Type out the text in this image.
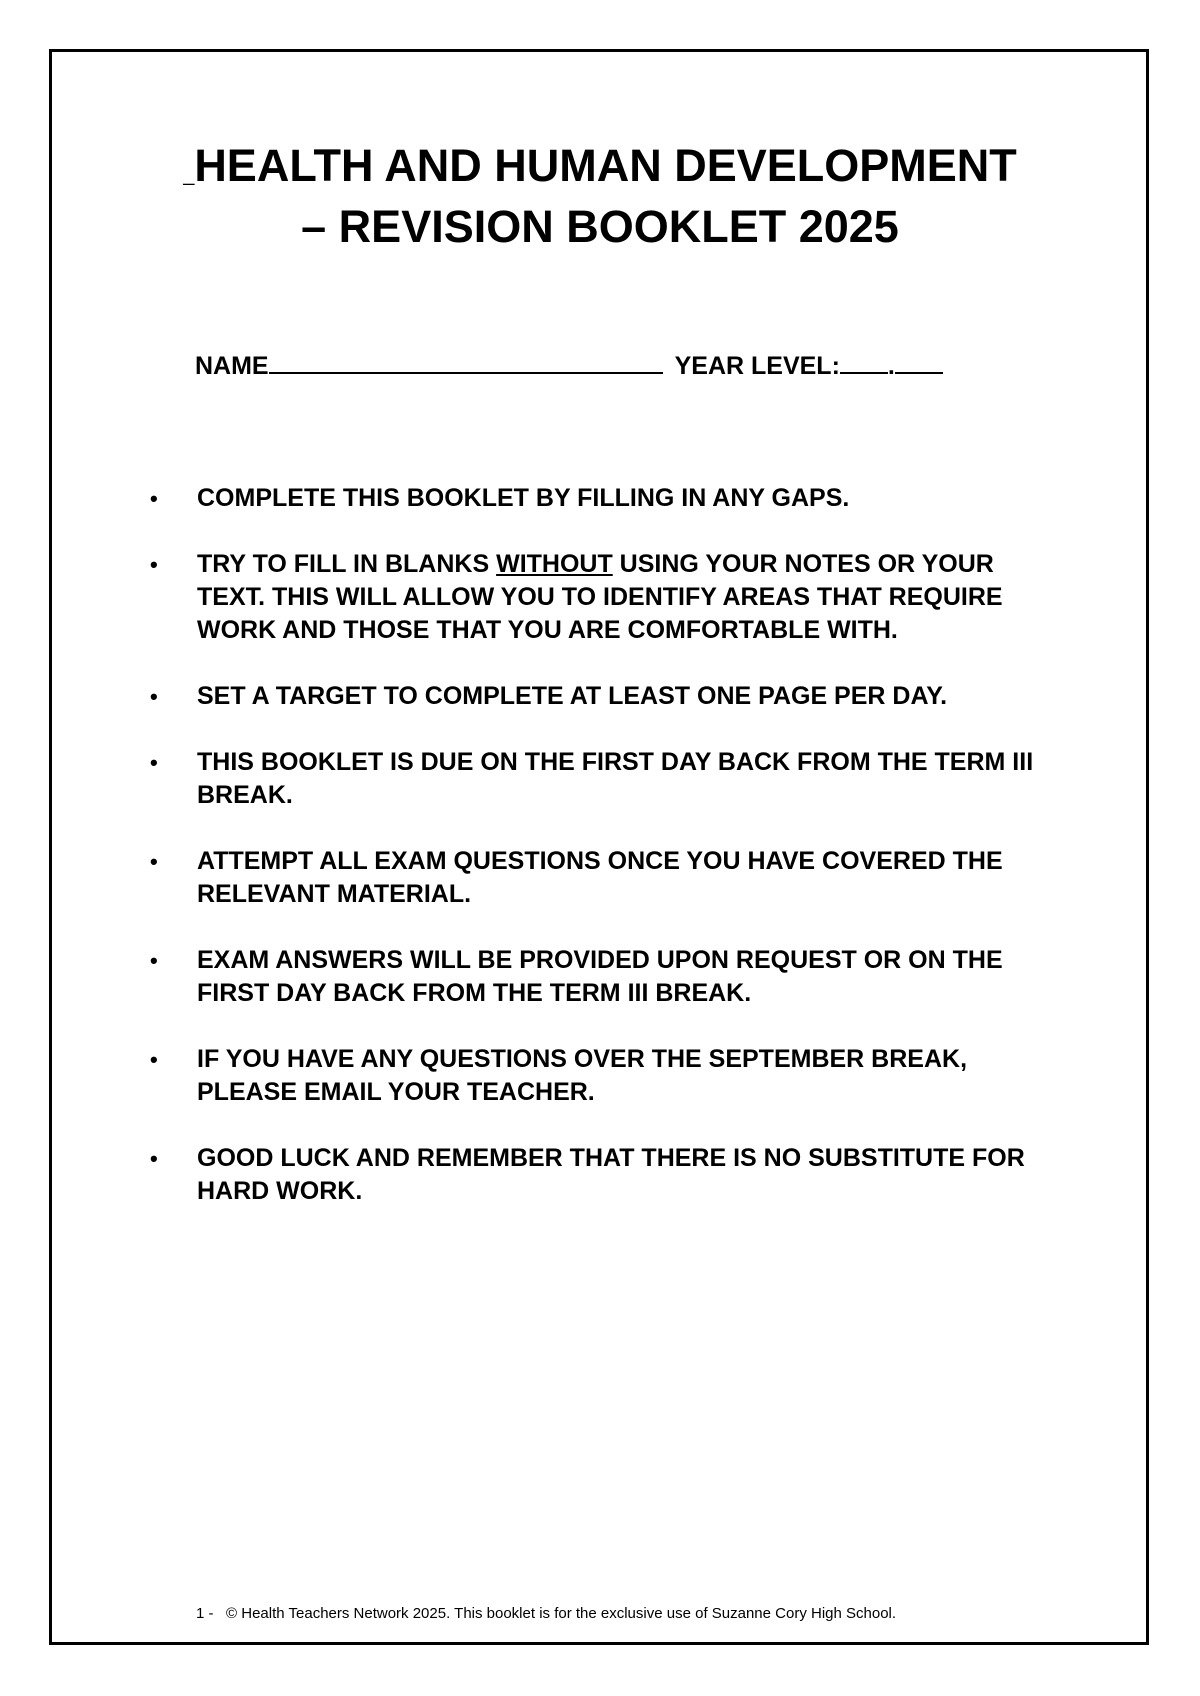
_HEALTH AND HUMAN DEVELOPMENT
– REVISION BOOKLET 2025
NAME	YEAR LEVEL: .
• COMPLETE THIS BOOKLET BY FILLING IN ANY GAPS.
• TRY TO FILL IN BLANKS WITHOUT USING YOUR NOTES OR YOUR TEXT. THIS WILL ALLOW YOU TO IDENTIFY AREAS THAT REQUIRE WORK AND THOSE THAT YOU ARE COMFORTABLE WITH.
• SET A TARGET TO COMPLETE AT LEAST ONE PAGE PER DAY.
• THIS BOOKLET IS DUE ON THE FIRST DAY BACK FROM THE TERM III BREAK.
• ATTEMPT ALL EXAM QUESTIONS ONCE YOU HAVE COVERED THE RELEVANT MATERIAL.
• EXAM ANSWERS WILL BE PROVIDED UPON REQUEST OR ON THE FIRST DAY BACK FROM THE TERM III BREAK.
• IF YOU HAVE ANY QUESTIONS OVER THE SEPTEMBER BREAK, PLEASE EMAIL YOUR TEACHER.
• GOOD LUCK AND REMEMBER THAT THERE IS NO SUBSTITUTE FOR HARD WORK.
1 - © Health Teachers Network 2025. This booklet is for the exclusive use of Suzanne Cory High School.
